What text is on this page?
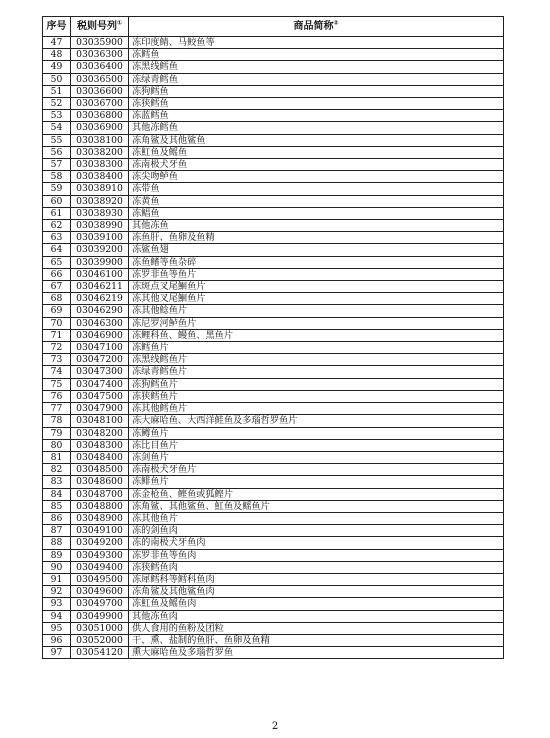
序号	税则号列①	商品简称②
47	03035900	冻印度鲭、马鲛鱼等
48	03036300	冻鳕鱼
49	03036400	冻黑线鳕鱼
50	03036500	冻绿青鳕鱼
51	03036600	冻狗鳕鱼
52	03036700	冻狭鳕鱼
53	03036800	冻蓝鳕鱼
54	03036900	其他冻鳕鱼
55	03038100	冻角鲨及其他鲨鱼
56	03038200	冻魟鱼及鳐鱼
57	03038300	冻南极犬牙鱼
58	03038400	冻尖吻鲈鱼
59	03038910	冻带鱼
60	03038920	冻黄鱼
61	03038930	冻鲳鱼
62	03038990	其他冻鱼
63	03039100	冻鱼肝、鱼卵及鱼精
64	03039200	冻鲨鱼翅
65	03039900	冻鱼鳍等鱼杂碎
66	03046100	冻罗非鱼等鱼片
67	03046211	冻斑点叉尾鮰鱼片
68	03046219	冻其他叉尾鮰鱼片
69	03046290	冻其他鲶鱼片
70	03046300	冻尼罗河鲈鱼片
71	03046900	冻鲤科鱼、鳗鱼、黑鱼片
72	03047100	冻鳕鱼片
73	03047200	冻黑线鳕鱼片
74	03047300	冻绿青鳕鱼片
75	03047400	冻狗鳕鱼片
76	03047500	冻狭鳕鱼片
77	03047900	冻其他鳕鱼片
78	03048100	冻大麻哈鱼、大西洋鲑鱼及多瑙哲罗鱼片
79	03048200	冻鳟鱼片
80	03048300	冻比目鱼片
81	03048400	冻剑鱼片
82	03048500	冻南极犬牙鱼片
83	03048600	冻鲱鱼片
84	03048700	冻金枪鱼、鲣鱼或狐鲣片
85	03048800	冻角鲨、其他鲨鱼、魟鱼及鳐鱼片
86	03048900	冻其他鱼片
87	03049100	冻的剑鱼肉
88	03049200	冻的南极犬牙鱼肉
89	03049300	冻罗非鱼等鱼肉
90	03049400	冻狭鳕鱼肉
91	03049500	冻犀鳕科等鳕科鱼肉
92	03049600	冻角鲨及其他鲨鱼肉
93	03049700	冻魟鱼及鳐鱼肉
94	03049900	其他冻鱼肉
95	03051000	供人食用的鱼粉及团粒
96	03052000	干、熏、盐制的鱼肝、鱼卵及鱼精
97	03054120	熏大麻哈鱼及多瑙哲罗鱼
2
